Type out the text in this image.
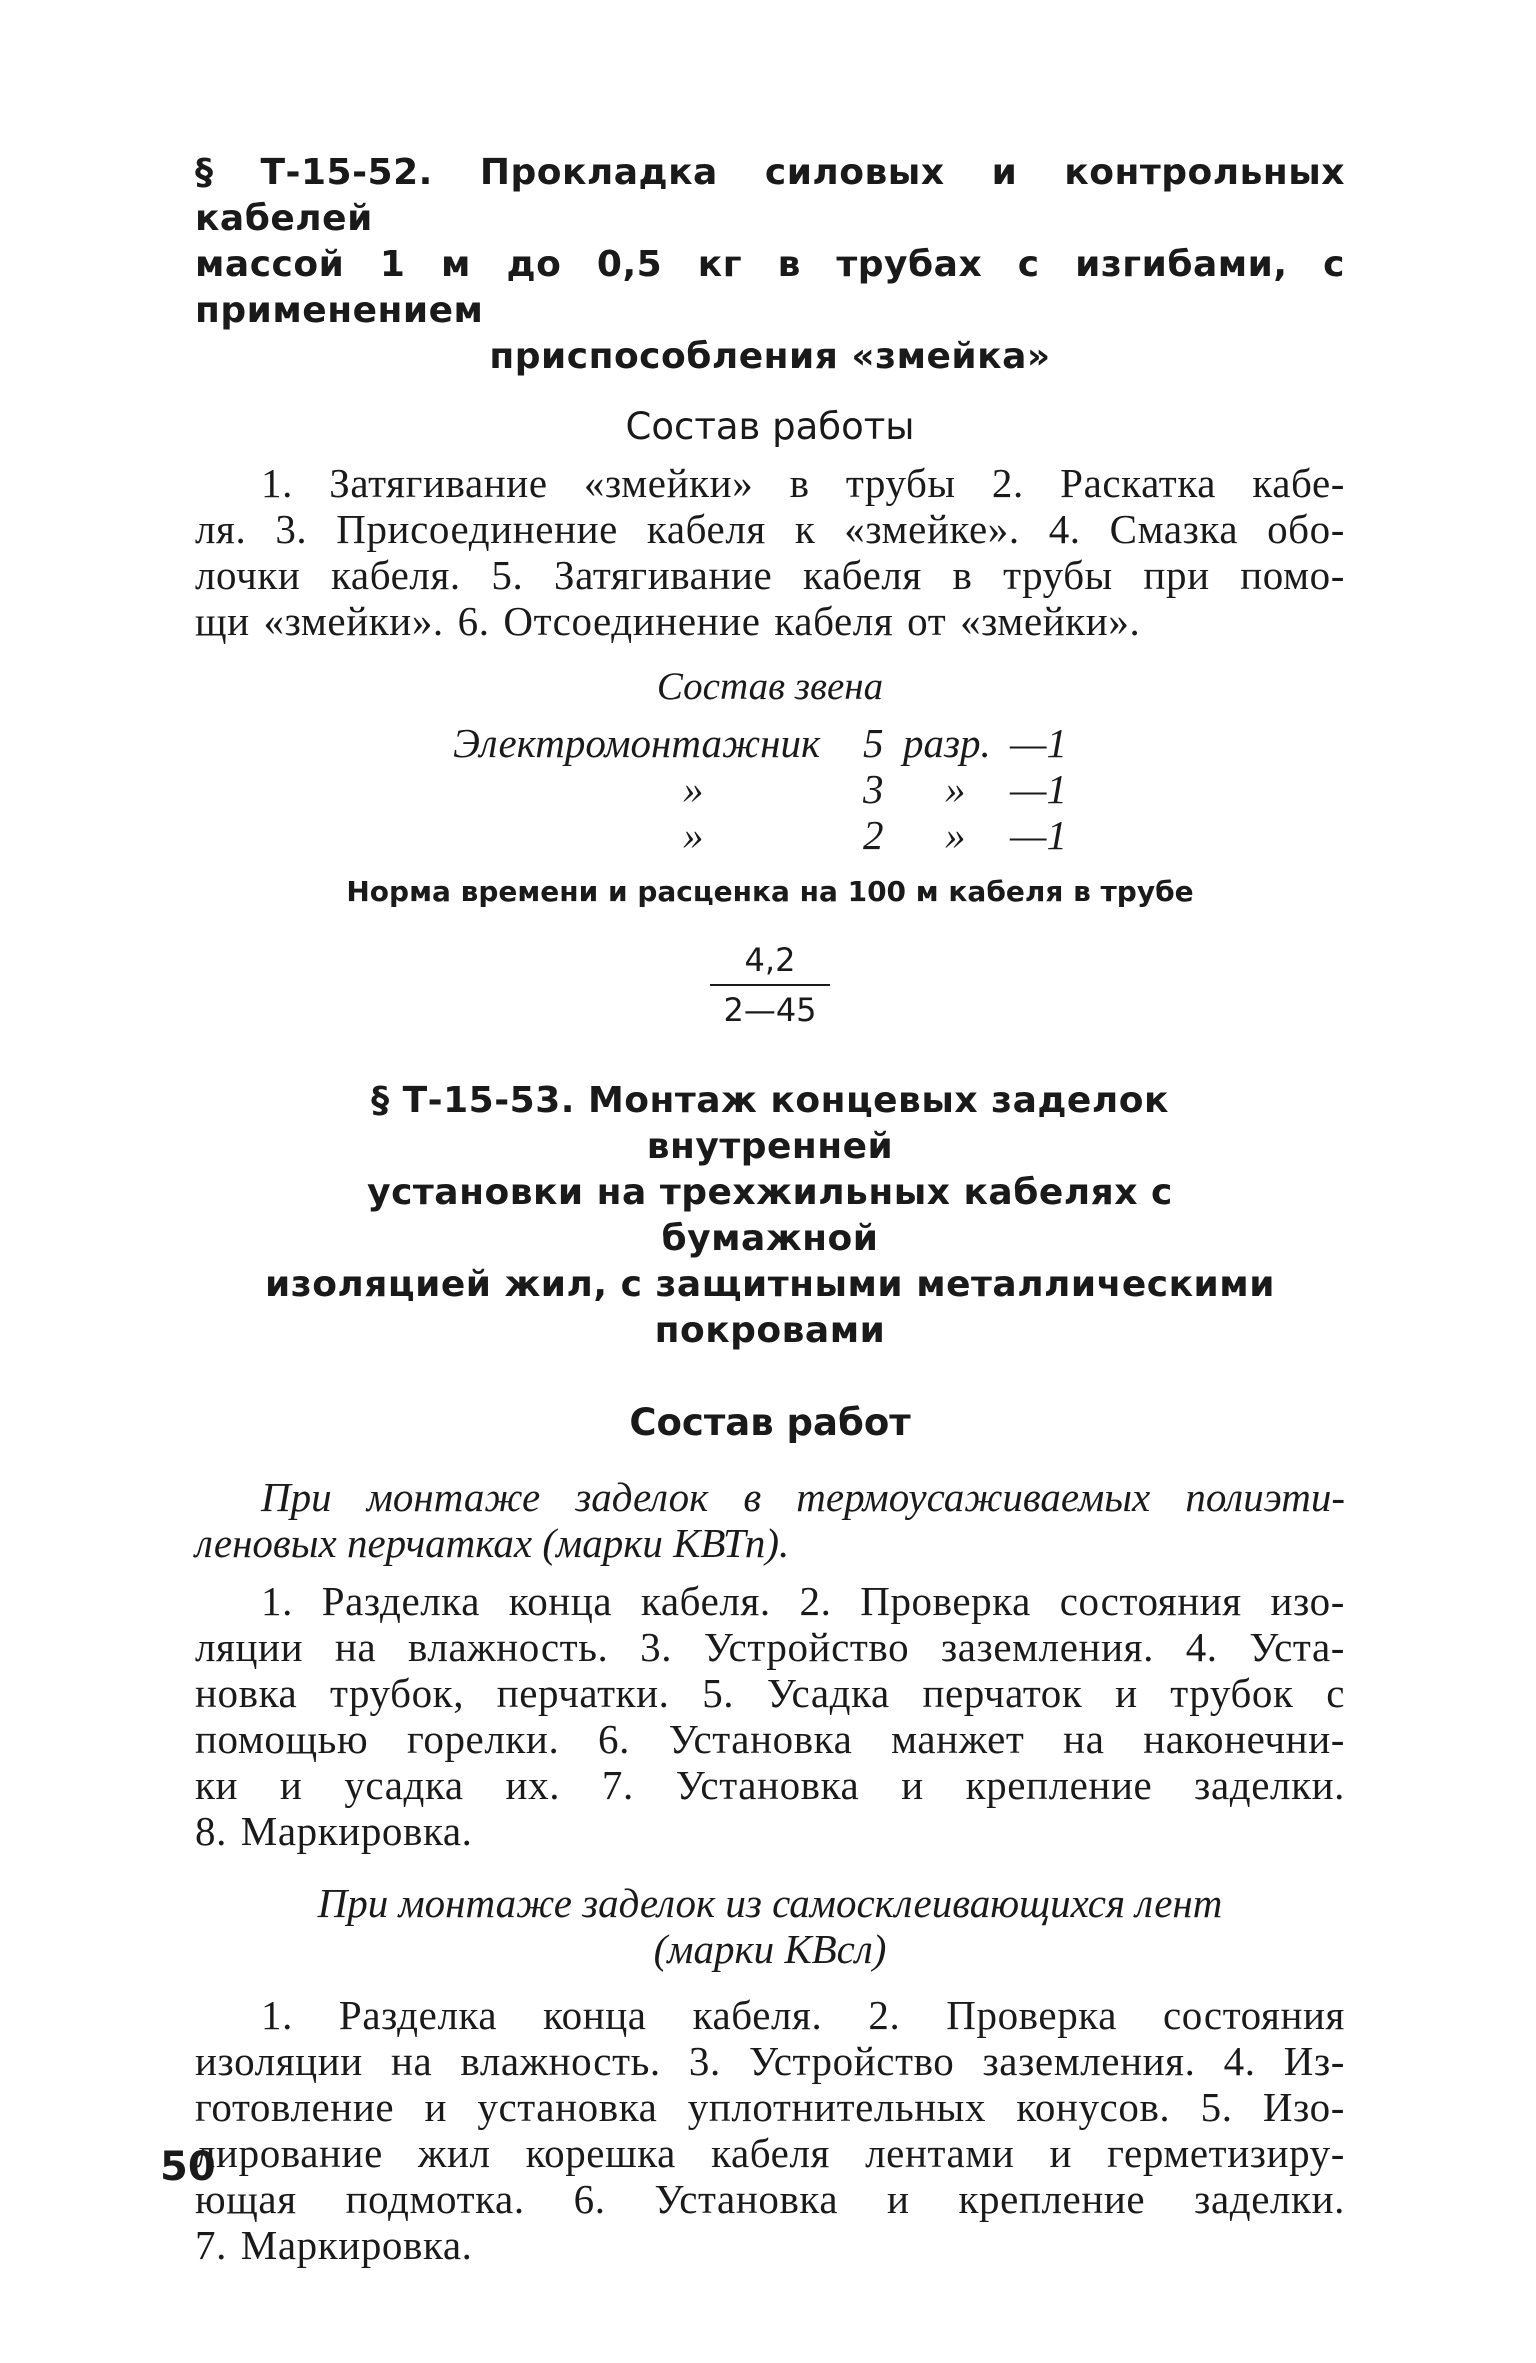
§ Т-15-52. Прокладка силовых и контрольных кабелей
массой 1 м до 0,5 кг в трубах с изгибами, с применением
приспособления «змейка»

Состав работы

1. Затягивание «змейки» в трубы 2. Раскатка кабе-

ля. 3. Присоединение кабеля к «змейке». 4. Смазка обо-

лочки кабеля. 5. Затягивание кабеля в трубы при помо-

щи «змейки». 6. Отсоединение кабеля от «змейки».

Состав звена

Электромонтажник 5 разр. —1
»	3 » —1
»	2 » —1

Норма времени и расценка на 100 м кабеля в трубе

4,2
2—45
§ Т-15-53. Монтаж концевых заделок внутренней
установки на трехжильных кабелях с бумажной
изоляцией жил, с защитными металлическими
покровами

Состав работ

При монтаже заделок в термоусаживаемых полиэти-

леновых перчатках (марки КВТп).

1. Разделка конца кабеля. 2. Проверка состояния изо-

ляции на влажность. 3. Устройство заземления. 4. Уста-

новка трубок, перчатки. 5. Усадка перчаток и трубок с

помощью горелки. 6. Установка манжет на наконечни-

ки и усадка их. 7. Установка и крепление заделки.

8. Маркировка.

При монтаже заделок из самосклеивающихся лент

(марки КВсл)

1. Разделка конца кабеля. 2. Проверка состояния

изоляции на влажность. 3. Устройство заземления. 4. Из-

готовление и установка уплотнительных конусов. 5. Изо-

лирование жил корешка кабеля лентами и герметизиру-

ющая подмотка. 6. Установка и крепление заделки.

7. Маркировка.

50
